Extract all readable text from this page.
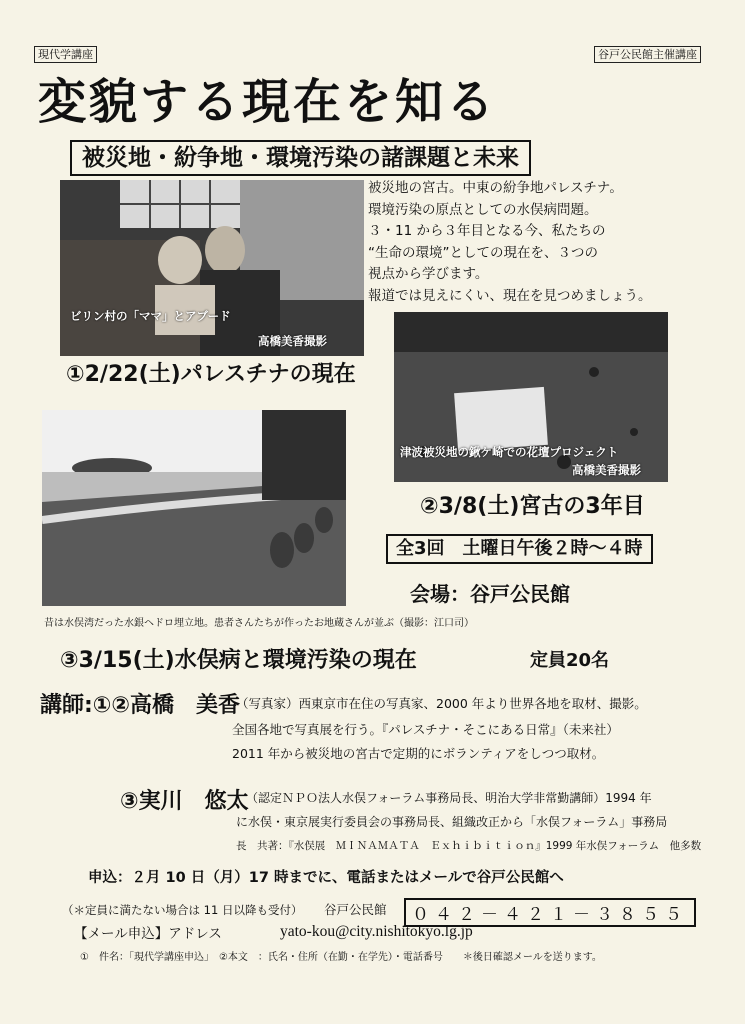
現代学講座	谷戸公民館主催講座
変貌する現在を知る
被災地・紛争地・環境汚染の諸課題と未来
被災地の宮古。中東の紛争地パレスチナ。
環境汚染の原点としての水俣病問題。
３・11 から３年目となる今、私たちの
“生命の環境”としての現在を、３つの
視点から学びます。
報道では見えにくい、現在を見つめましょう。
ビリン村の「ママ」とアブード
高橋美香撮影
①2/22(土)パレスチナの現在
津波被災地の鍬ケ崎での花壇プロジェクト
高橋美香撮影
②3/8(土)宮古の3年目
昔は水俣湾だった水銀ヘドロ埋立地。患者さんたちが作ったお地蔵さんが並ぶ（撮影：江口司）
全3回　土曜日午後２時～４時
会場：谷戸公民館
③3/15(土)水俣病と環境汚染の現在	定員20名
講師:①②高橋　美香
（写真家）西東京市在住の写真家、2000 年より世界各地を取材、撮影。
全国各地で写真展を行う。『パレスチナ・そこにある日常』（未来社）
2011 年から被災地の宮古で定期的にボランティアをしつつ取材。
③実川　悠太
（認定ＮＰＯ法人水俣フォーラム事務局長、明治大学非常勤講師）1994 年
に水俣・東京展実行委員会の事務局長、組織改正から「水俣フォーラム」事務局
長　共著：『水俣展　ＭＩＮＡＭＡＴＡ　Ｅｘｈｉｂｉｔｉｏｎ』1999 年水俣フォーラム　他多数
申込：２月 10 日（月）17 時までに、電話またはメールで谷戸公民館へ
（＊定員に満たない場合は 11 日以降も受付） 谷戸公民館	０４２－４２１－３８５５
【メール申込】アドレス	yato-kou@city.nishitokyo.lg.jp
①　件名：「現代学講座申込」　②本文　：氏名・住所（在勤・在学先）・電話番号　　＊後日確認メールを送ります。
